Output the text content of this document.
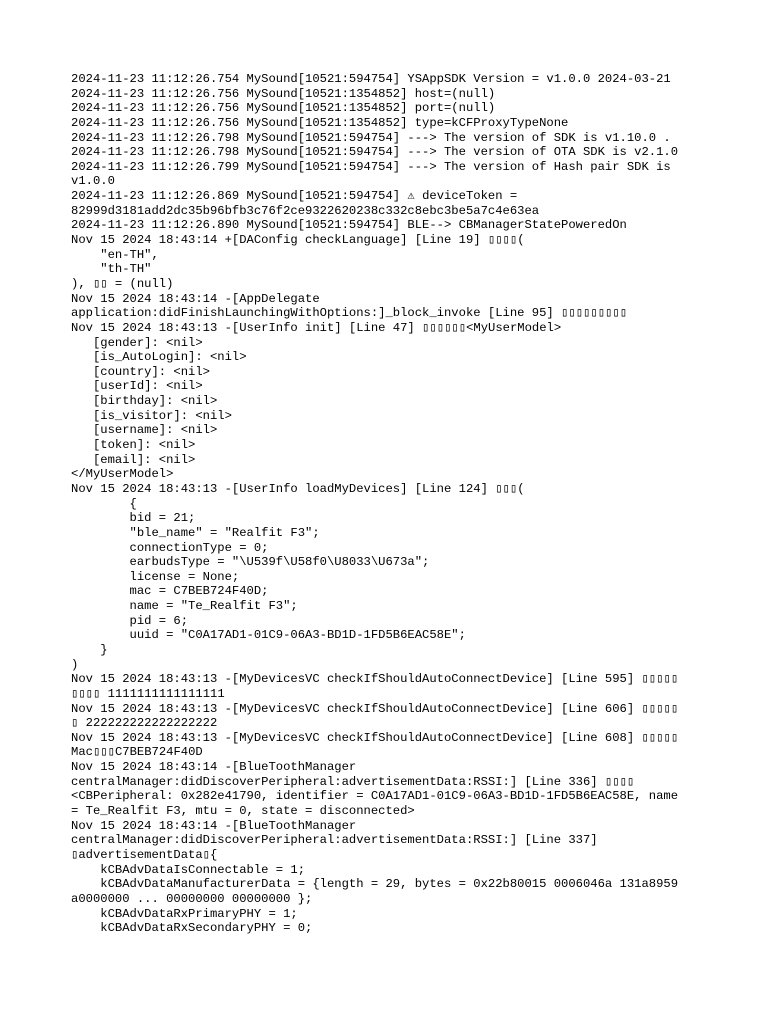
2024-11-23 11:12:26.754 MySound[10521:594754] YSAppSDK Version = v1.0.0 2024-03-21
2024-11-23 11:12:26.756 MySound[10521:1354852] host=(null)
2024-11-23 11:12:26.756 MySound[10521:1354852] port=(null)
2024-11-23 11:12:26.756 MySound[10521:1354852] type=kCFProxyTypeNone
2024-11-23 11:12:26.798 MySound[10521:594754] ---> The version of SDK is v1.10.0 .
2024-11-23 11:12:26.798 MySound[10521:594754] ---> The version of OTA SDK is v2.1.0
2024-11-23 11:12:26.799 MySound[10521:594754] ---> The version of Hash pair SDK is
v1.0.0
2024-11-23 11:12:26.869 MySound[10521:594754] ⚠ deviceToken =
82999d3181add2dc35b96bfb3c76f2ce9322620238c332c8ebc3be5a7c4e63ea
2024-11-23 11:12:26.890 MySound[10521:594754] BLE--> CBManagerStatePoweredOn
Nov 15 2024 18:43:14 +[DAConfig checkLanguage] [Line 19] ▯▯▯▯(
"en-TH",
"th-TH"
), ▯▯ = (null)
Nov 15 2024 18:43:14 -[AppDelegate
application:didFinishLaunchingWithOptions:]_block_invoke [Line 95] ▯▯▯▯▯▯▯▯▯
Nov 15 2024 18:43:13 -[UserInfo init] [Line 47] ▯▯▯▯▯▯<MyUserModel>
[gender]: <nil>
[is_AutoLogin]: <nil>
[country]: <nil>
[userId]: <nil>
[birthday]: <nil>
[is_visitor]: <nil>
[username]: <nil>
[token]: <nil>
[email]: <nil>
</MyUserModel>
Nov 15 2024 18:43:13 -[UserInfo loadMyDevices] [Line 124] ▯▯▯(
{
bid = 21;
"ble_name" = "Realfit F3";
connectionType = 0;
earbudsType = "\U539f\U58f0\U8033\U673a";
license = None;
mac = C7BEB724F40D;
name = "Te_Realfit F3";
pid = 6;
uuid = "C0A17AD1-01C9-06A3-BD1D-1FD5B6EAC58E";
}
)
Nov 15 2024 18:43:13 -[MyDevicesVC checkIfShouldAutoConnectDevice] [Line 595] ▯▯▯▯▯
▯▯▯▯ 1111111111111111
Nov 15 2024 18:43:13 -[MyDevicesVC checkIfShouldAutoConnectDevice] [Line 606] ▯▯▯▯▯
▯ 222222222222222222
Nov 15 2024 18:43:13 -[MyDevicesVC checkIfShouldAutoConnectDevice] [Line 608] ▯▯▯▯▯
Mac▯▯▯C7BEB724F40D
Nov 15 2024 18:43:14 -[BlueToothManager
centralManager:didDiscoverPeripheral:advertisementData:RSSI:] [Line 336] ▯▯▯▯
<CBPeripheral: 0x282e41790, identifier = C0A17AD1-01C9-06A3-BD1D-1FD5B6EAC58E, name
= Te_Realfit F3, mtu = 0, state = disconnected>
Nov 15 2024 18:43:14 -[BlueToothManager
centralManager:didDiscoverPeripheral:advertisementData:RSSI:] [Line 337]
▯advertisementData▯{
kCBAdvDataIsConnectable = 1;
kCBAdvDataManufacturerData = {length = 29, bytes = 0x22b80015 0006046a 131a8959
a0000000 ... 00000000 00000000 };
kCBAdvDataRxPrimaryPHY = 1;
kCBAdvDataRxSecondaryPHY = 0;
